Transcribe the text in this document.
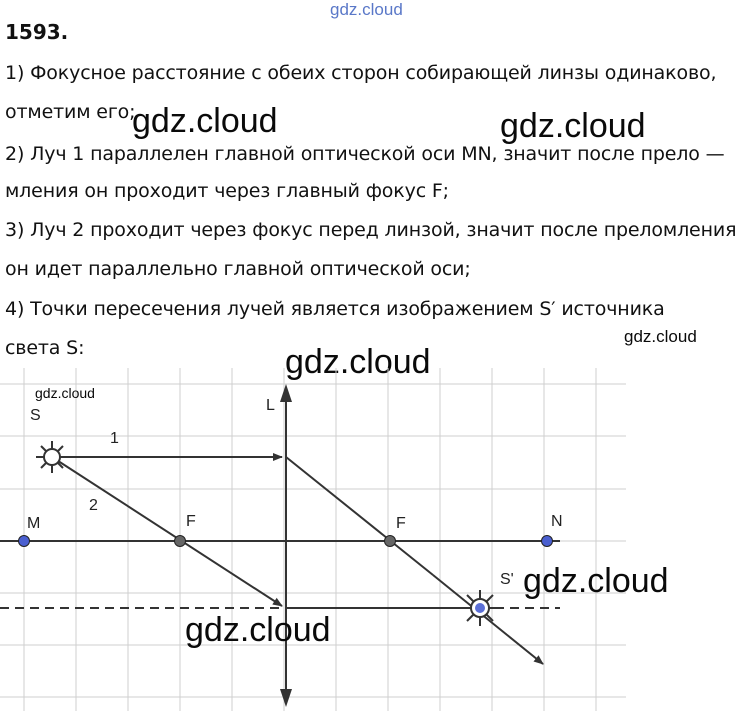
gdz.cloud
1593.
1) Фокусное расстояние с обеих сторон собирающей линзы одинаково,
отметим его;
2) Луч 1 параллелен главной оптической оси MN, значит после прело —
мления он проходит через главный фокус F;
3) Луч 2 проходит через фокус перед линзой, значит после преломления
он идет параллельно главной оптической оси;
4) Точки пересечения лучей является изображением S′ источника
света S:
gdz.cloud	gdz.cloud
gdz.cloud
gdz.cloud
S
L
1
2
M	F	F	N
S'
gdz.cloud
gdz.cloud
gdz.cloud
